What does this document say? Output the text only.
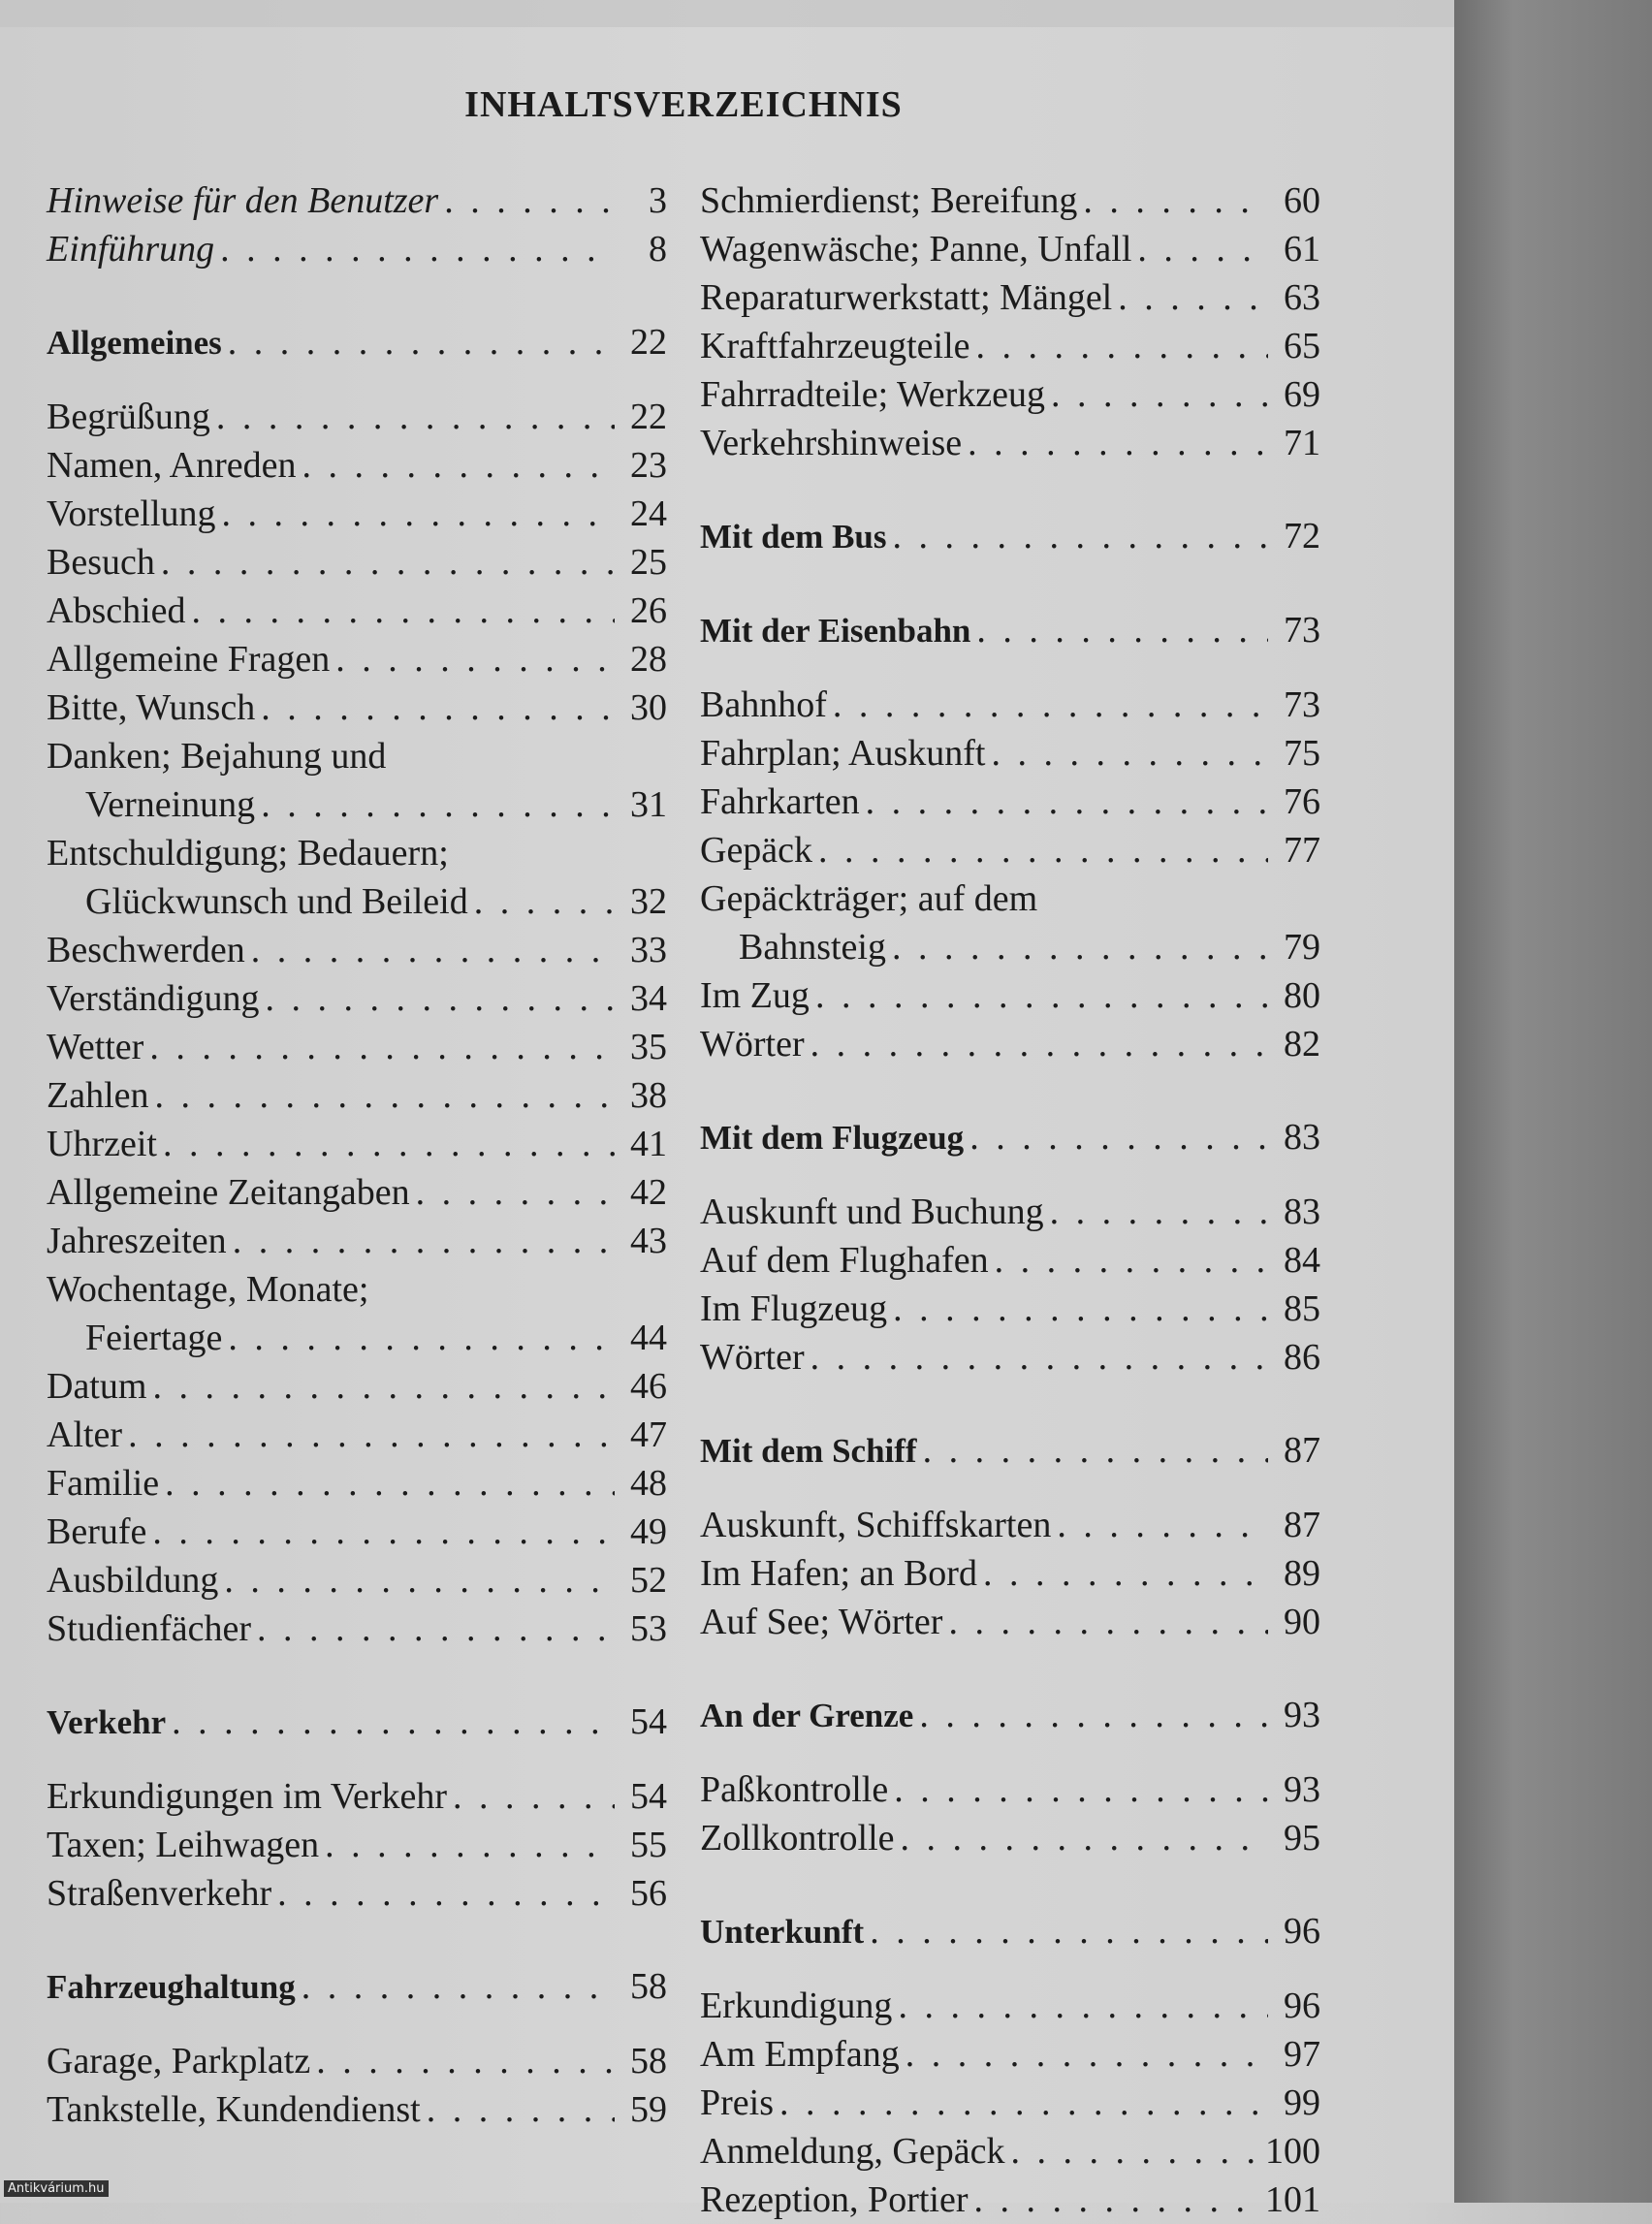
INHALTSVERZEICHNIS
Hinweise für den Benutzer . . .	3
Einführung . . .	8
Allgemeines . . .	22
Begrüßung . . .	22
Namen, Anreden . . .	23
Vorstellung . . .	24
Besuch . . .	25
Abschied . . .	26
Allgemeine Fragen . . .	28
Bitte, Wunsch . . .	30
Danken; Bejahung und
Verneinung . . .	31
Entschuldigung; Bedauern;
Glückwunsch und Beileid . . .	32
Beschwerden . . .	33
Verständigung . . .	34
Wetter . . .	35
Zahlen . . .	38
Uhrzeit . . .	41
Allgemeine Zeitangaben . . .	42
Jahreszeiten . . .	43
Wochentage, Monate;
Feiertage . . .	44
Datum . . .	46
Alter . . .	47
Familie . . .	48
Berufe . . .	49
Ausbildung . . .	52
Studienfächer . . .	53
Verkehr . . .	54
Erkundigungen im Verkehr . . .	54
Taxen; Leihwagen . . .	55
Straßenverkehr . . .	56
Fahrzeughaltung . . .	58
Garage, Parkplatz . . .	58
Tankstelle, Kundendienst . . .	59
Schmierdienst; Bereifung . . .	60
Wagenwäsche; Panne, Unfall . . .	61
Reparaturwerkstatt; Mängel . . .	63
Kraftfahrzeugteile . . .	65
Fahrradteile; Werkzeug . . .	69
Verkehrshinweise . . .	71
Mit dem Bus . . .	72
Mit der Eisenbahn . . .	73
Bahnhof . . .	73
Fahrplan; Auskunft . . .	75
Fahrkarten . . .	76
Gepäck . . .	77
Gepäckträger; auf dem
Bahnsteig . . .	79
Im Zug . . .	80
Wörter . . .	82
Mit dem Flugzeug . . .	83
Auskunft und Buchung . . .	83
Auf dem Flughafen . . .	84
Im Flugzeug . . .	85
Wörter . . .	86
Mit dem Schiff . . .	87
Auskunft, Schiffskarten . . .	87
Im Hafen; an Bord . . .	89
Auf See; Wörter . . .	90
An der Grenze . . .	93
Paßkontrolle . . .	93
Zollkontrolle . . .	95
Unterkunft . . .	96
Erkundigung . . .	96
Am Empfang . . .	97
Preis . . .	99
Anmeldung, Gepäck . . .	100
Rezeption, Portier . . .	101
Antikvárium.hu
